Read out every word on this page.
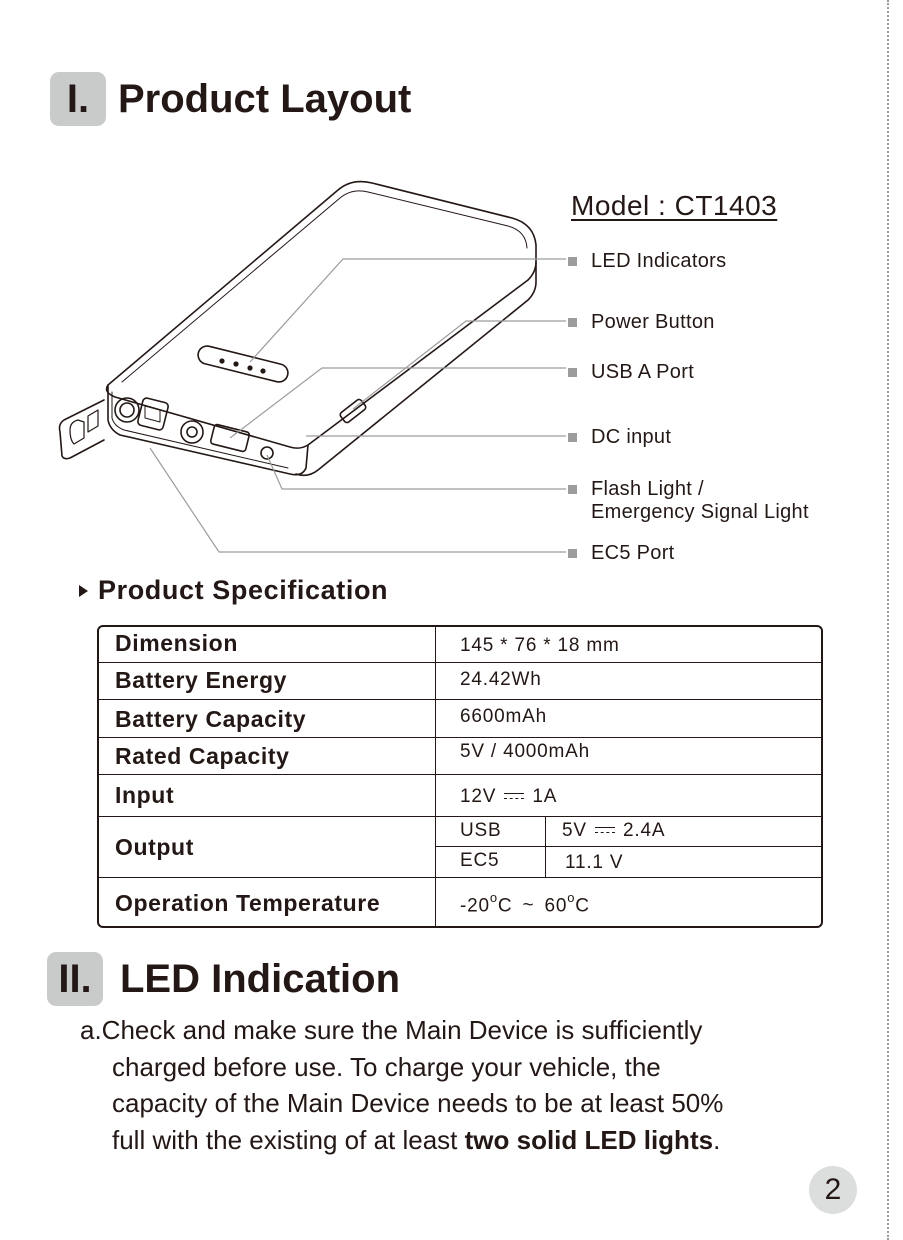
I. Product Layout
Model : CT1403
LED Indicators
Power Button
USB A Port
DC input
Flash Light /
Emergency Signal Light
EC5 Port
Product Specification
Dimension	145 * 76 * 18 mm
Battery Energy	24.42Wh
Battery Capacity	6600mAh
Rated Capacity	5V / 4000mAh
Input	12V 1A
Output
USB	5V 2.4A
EC5	11.1 V
Operation Temperature	-20$^o$C ~ 60$^o$C
II. LED Indication
a.Check and make sure the Main Device is sufficiently
charged before use. To charge your vehicle, the
capacity of the Main Device needs to be at least 50%
full with the existing of at least two solid LED lights.
2
